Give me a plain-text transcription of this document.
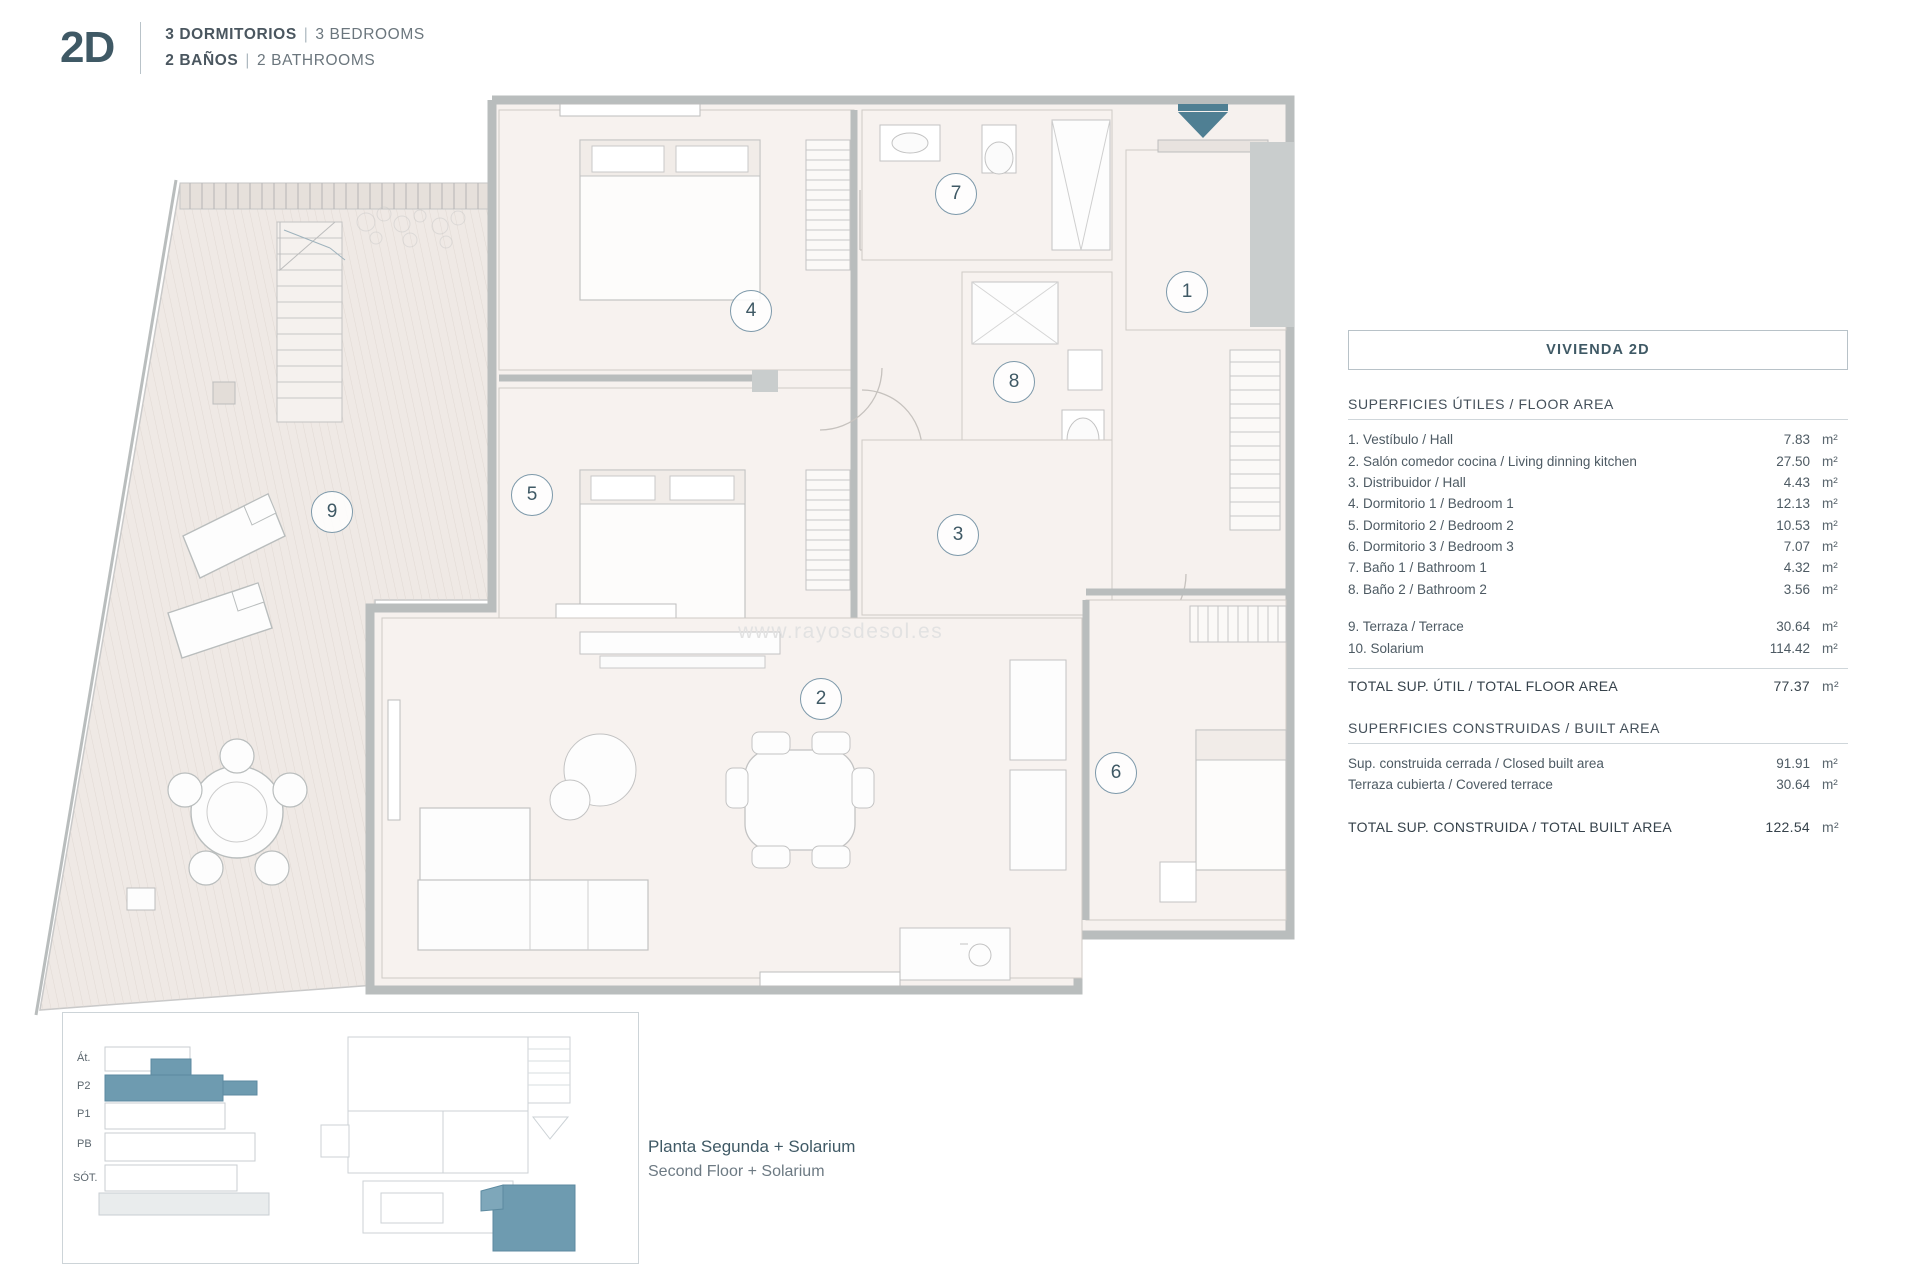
2D	3 DORMITORIOS | 3 BEDROOMS
2 BAÑOS | 2 BATHROOMS
1
2
3
4
5
6
7
8
9
www.rayosdesol.es
VIVIENDA 2D
SUPERFICIES ÚTILES / FLOOR AREA
1. Vestíbulo / Hall	7.83 m²
2. Salón comedor cocina / Living dinning kitchen	27.50 m²
3. Distribuidor / Hall	4.43 m²
4. Dormitorio 1 / Bedroom 1	12.13 m²
5. Dormitorio 2 / Bedroom 2	10.53 m²
6. Dormitorio 3 / Bedroom 3	7.07 m²
7. Baño 1 / Bathroom 1	4.32 m²
8. Baño 2 / Bathroom 2	3.56 m²
9. Terraza / Terrace	30.64 m²
10. Solarium	114.42 m²
TOTAL SUP. ÚTIL / TOTAL FLOOR AREA	77.37 m²
SUPERFICIES CONSTRUIDAS / BUILT AREA
Sup. construida cerrada / Closed built area	91.91 m²
Terraza cubierta / Covered terrace	30.64 m²
TOTAL SUP. CONSTRUIDA / TOTAL BUILT AREA	122.54 m²
Át.
P2
P1
PB
SÓT.
Planta Segunda + Solarium
Second Floor + Solarium
